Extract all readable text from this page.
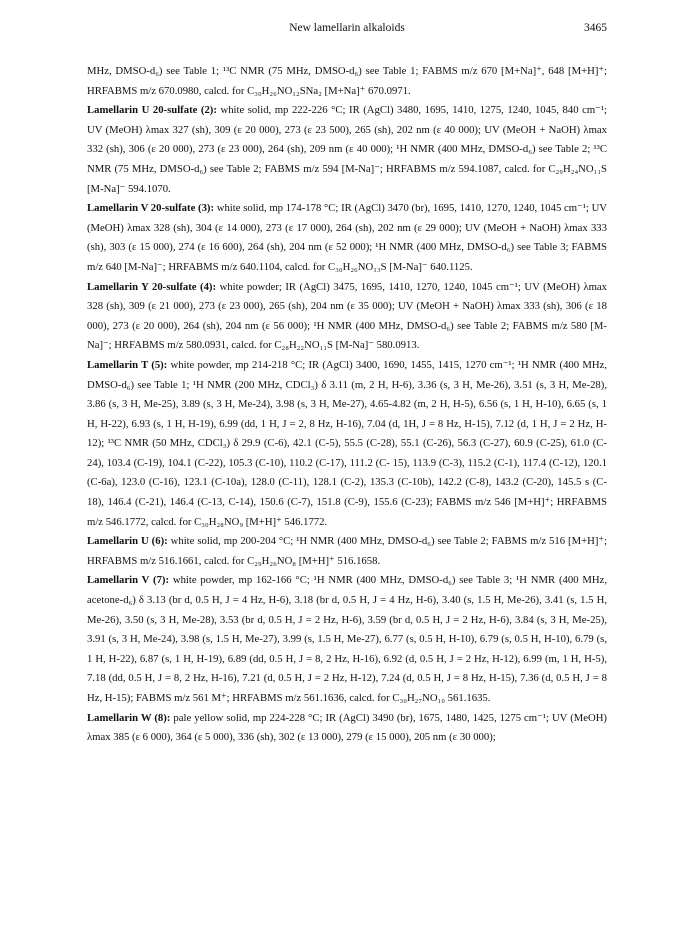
New lamellarin alkaloids	3465

MHz, DMSO-d₆) see Table 1; ¹³C NMR (75 MHz, DMSO-d₆) see Table 1; FABMS m/z 670 [M+Na]⁺, 648 [M+H]⁺; HRFABMS m/z 670.0980, calcd. for C₃₀H₂₆NO₁₂SNa₂ [M+Na]⁺ 670.0971.

Lamellarin U 20-sulfate (2): white solid, mp 222-226 °C; IR (AgCl) 3480, 1695, 1410, 1275, 1240, 1045, 840 cm⁻¹; UV (MeOH) λmax 327 (sh), 309 (ε 20 000), 273 (ε 23 500), 265 (sh), 202 nm (ε 40 000); UV (MeOH + NaOH) λmax 332 (sh), 306 (ε 20 000), 273 (ε 23 000), 264 (sh), 209 nm (ε 40 000); ¹H NMR (400 MHz, DMSO-d₆) see Table 2; ¹³C NMR (75 MHz, DMSO-d₆) see Table 2; FABMS m/z 594 [M-Na]⁻; HRFABMS m/z 594.1087, calcd. for C₂₉H₂₄NO₁₁S [M-Na]⁻ 594.1070.

Lamellarin V 20-sulfate (3): white solid, mp 174-178 °C; IR (AgCl) 3470 (br), 1695, 1410, 1270, 1240, 1045 cm⁻¹; UV (MeOH) λmax 328 (sh), 304 (ε 14 000), 273 (ε 17 000), 264 (sh), 202 nm (ε 29 000); UV (MeOH + NaOH) λmax 333 (sh), 303 (ε 15 000), 274 (ε 16 600), 264 (sh), 204 nm (ε 52 000); ¹H NMR (400 MHz, DMSO-d₆) see Table 3; FABMS m/z 640 [M-Na]⁻; HRFABMS m/z 640.1104, calcd. for C₃₀H₂₆NO₁₃S [M-Na]⁻ 640.1125.

Lamellarin Y 20-sulfate (4): white powder; IR (AgCl) 3475, 1695, 1410, 1270, 1240, 1045 cm⁻¹; UV (MeOH) λmax 328 (sh), 309 (ε 21 000), 273 (ε 23 000), 265 (sh), 204 nm (ε 35 000); UV (MeOH + NaOH) λmax 333 (sh), 306 (ε 18 000), 273 (ε 20 000), 264 (sh), 204 nm (ε 56 000); ¹H NMR (400 MHz, DMSO-d₆) see Table 2; FABMS m/z 580 [M- Na]⁻; HRFABMS m/z 580.0931, calcd. for C₂₈H₂₂NO₁₁S [M-Na]⁻ 580.0913.

Lamellarin T (5): white powder, mp 214-218 °C; IR (AgCl) 3400, 1690, 1455, 1415, 1270 cm⁻¹; ¹H NMR (400 MHz, DMSO-d₆) see Table 1; ¹H NMR (200 MHz, CDCl₃) δ 3.11 (m, 2 H, H-6), 3.36 (s, 3 H, Me-26), 3.51 (s, 3 H, Me-28), 3.86 (s, 3 H, Me-25), 3.89 (s, 3 H, Me-24), 3.98 (s, 3 H, Me-27), 4.65-4.82 (m, 2 H, H-5), 6.56 (s, 1 H, H-10), 6.65 (s, 1 H, H-22), 6.93 (s, 1 H, H-19), 6.99 (dd, 1 H, J = 2, 8 Hz, H-16), 7.04 (d, 1H, J = 8 Hz, H-15), 7.12 (d, 1 H, J = 2 Hz, H-12); ¹³C NMR (50 MHz, CDCl₃) δ 29.9 (C-6), 42.1 (C-5), 55.5 (C-28), 55.1 (C-26), 56.3 (C-27), 60.9 (C-25), 61.0 (C-24), 103.4 (C-19), 104.1 (C-22), 105.3 (C-10), 110.2 (C-17), 111.2 (C- 15), 113.9 (C-3), 115.2 (C-1), 117.4 (C-12), 120.1 (C-6a), 123.0 (C-16), 123.1 (C-10a), 128.0 (C-11), 128.1 (C-2), 135.3 (C-10b), 142.2 (C-8), 143.2 (C-20), 145.5 s (C-18), 146.4 (C-21), 146.4 (C-13, C-14), 150.6 (C-7), 151.8 (C-9), 155.6 (C-23); FABMS m/z 546 [M+H]⁺; HRFABMS m/z 546.1772, calcd. for C₃₀H₂₈NO₉ [M+H]⁺ 546.1772.

Lamellarin U (6): white solid, mp 200-204 °C; ¹H NMR (400 MHz, DMSO-d₆) see Table 2; FABMS m/z 516 [M+H]⁺; HRFABMS m/z 516.1661, calcd. for C₂₉H₂₆NO₈ [M+H]⁺ 516.1658.

Lamellarin V (7): white powder, mp 162-166 °C; ¹H NMR (400 MHz, DMSO-d₆) see Table 3; ¹H NMR (400 MHz, acetone-d₆) δ 3.13 (br d, 0.5 H, J = 4 Hz, H-6), 3.18 (br d, 0.5 H, J = 4 Hz, H-6), 3.40 (s, 1.5 H, Me-26), 3.41 (s, 1.5 H, Me-26), 3.50 (s, 3 H, Me-28), 3.53 (br d, 0.5 H, J = 2 Hz, H-6), 3.59 (br d, 0.5 H, J = 2 Hz, H-6), 3.84 (s, 3 H, Me-25), 3.91 (s, 3 H, Me-24), 3.98 (s, 1.5 H, Me-27), 3.99 (s, 1.5 H, Me-27), 6.77 (s, 0.5 H, H-10), 6.79 (s, 0.5 H, H-10), 6.79 (s, 1 H, H-22), 6.87 (s, 1 H, H-19), 6.89 (dd, 0.5 H, J = 8, 2 Hz, H-16), 6.92 (d, 0.5 H, J = 2 Hz, H-12), 6.99 (m, 1 H, H-5), 7.18 (dd, 0.5 H, J = 8, 2 Hz, H-16), 7.21 (d, 0.5 H, J = 2 Hz, H-12), 7.24 (d, 0.5 H, J = 8 Hz, H-15), 7.36 (d, 0.5 H, J = 8 Hz, H-15); FABMS m/z 561 M⁺; HRFABMS m/z 561.1636, calcd. for C₃₀H₂₇NO₁₀ 561.1635.

Lamellarin W (8): pale yellow solid, mp 224-228 °C; IR (AgCl) 3490 (br), 1675, 1480, 1425, 1275 cm⁻¹; UV (MeOH) λmax 385 (ε 6 000), 364 (ε 5 000), 336 (sh), 302 (ε 13 000), 279 (ε 15 000), 205 nm (ε 30 000);
